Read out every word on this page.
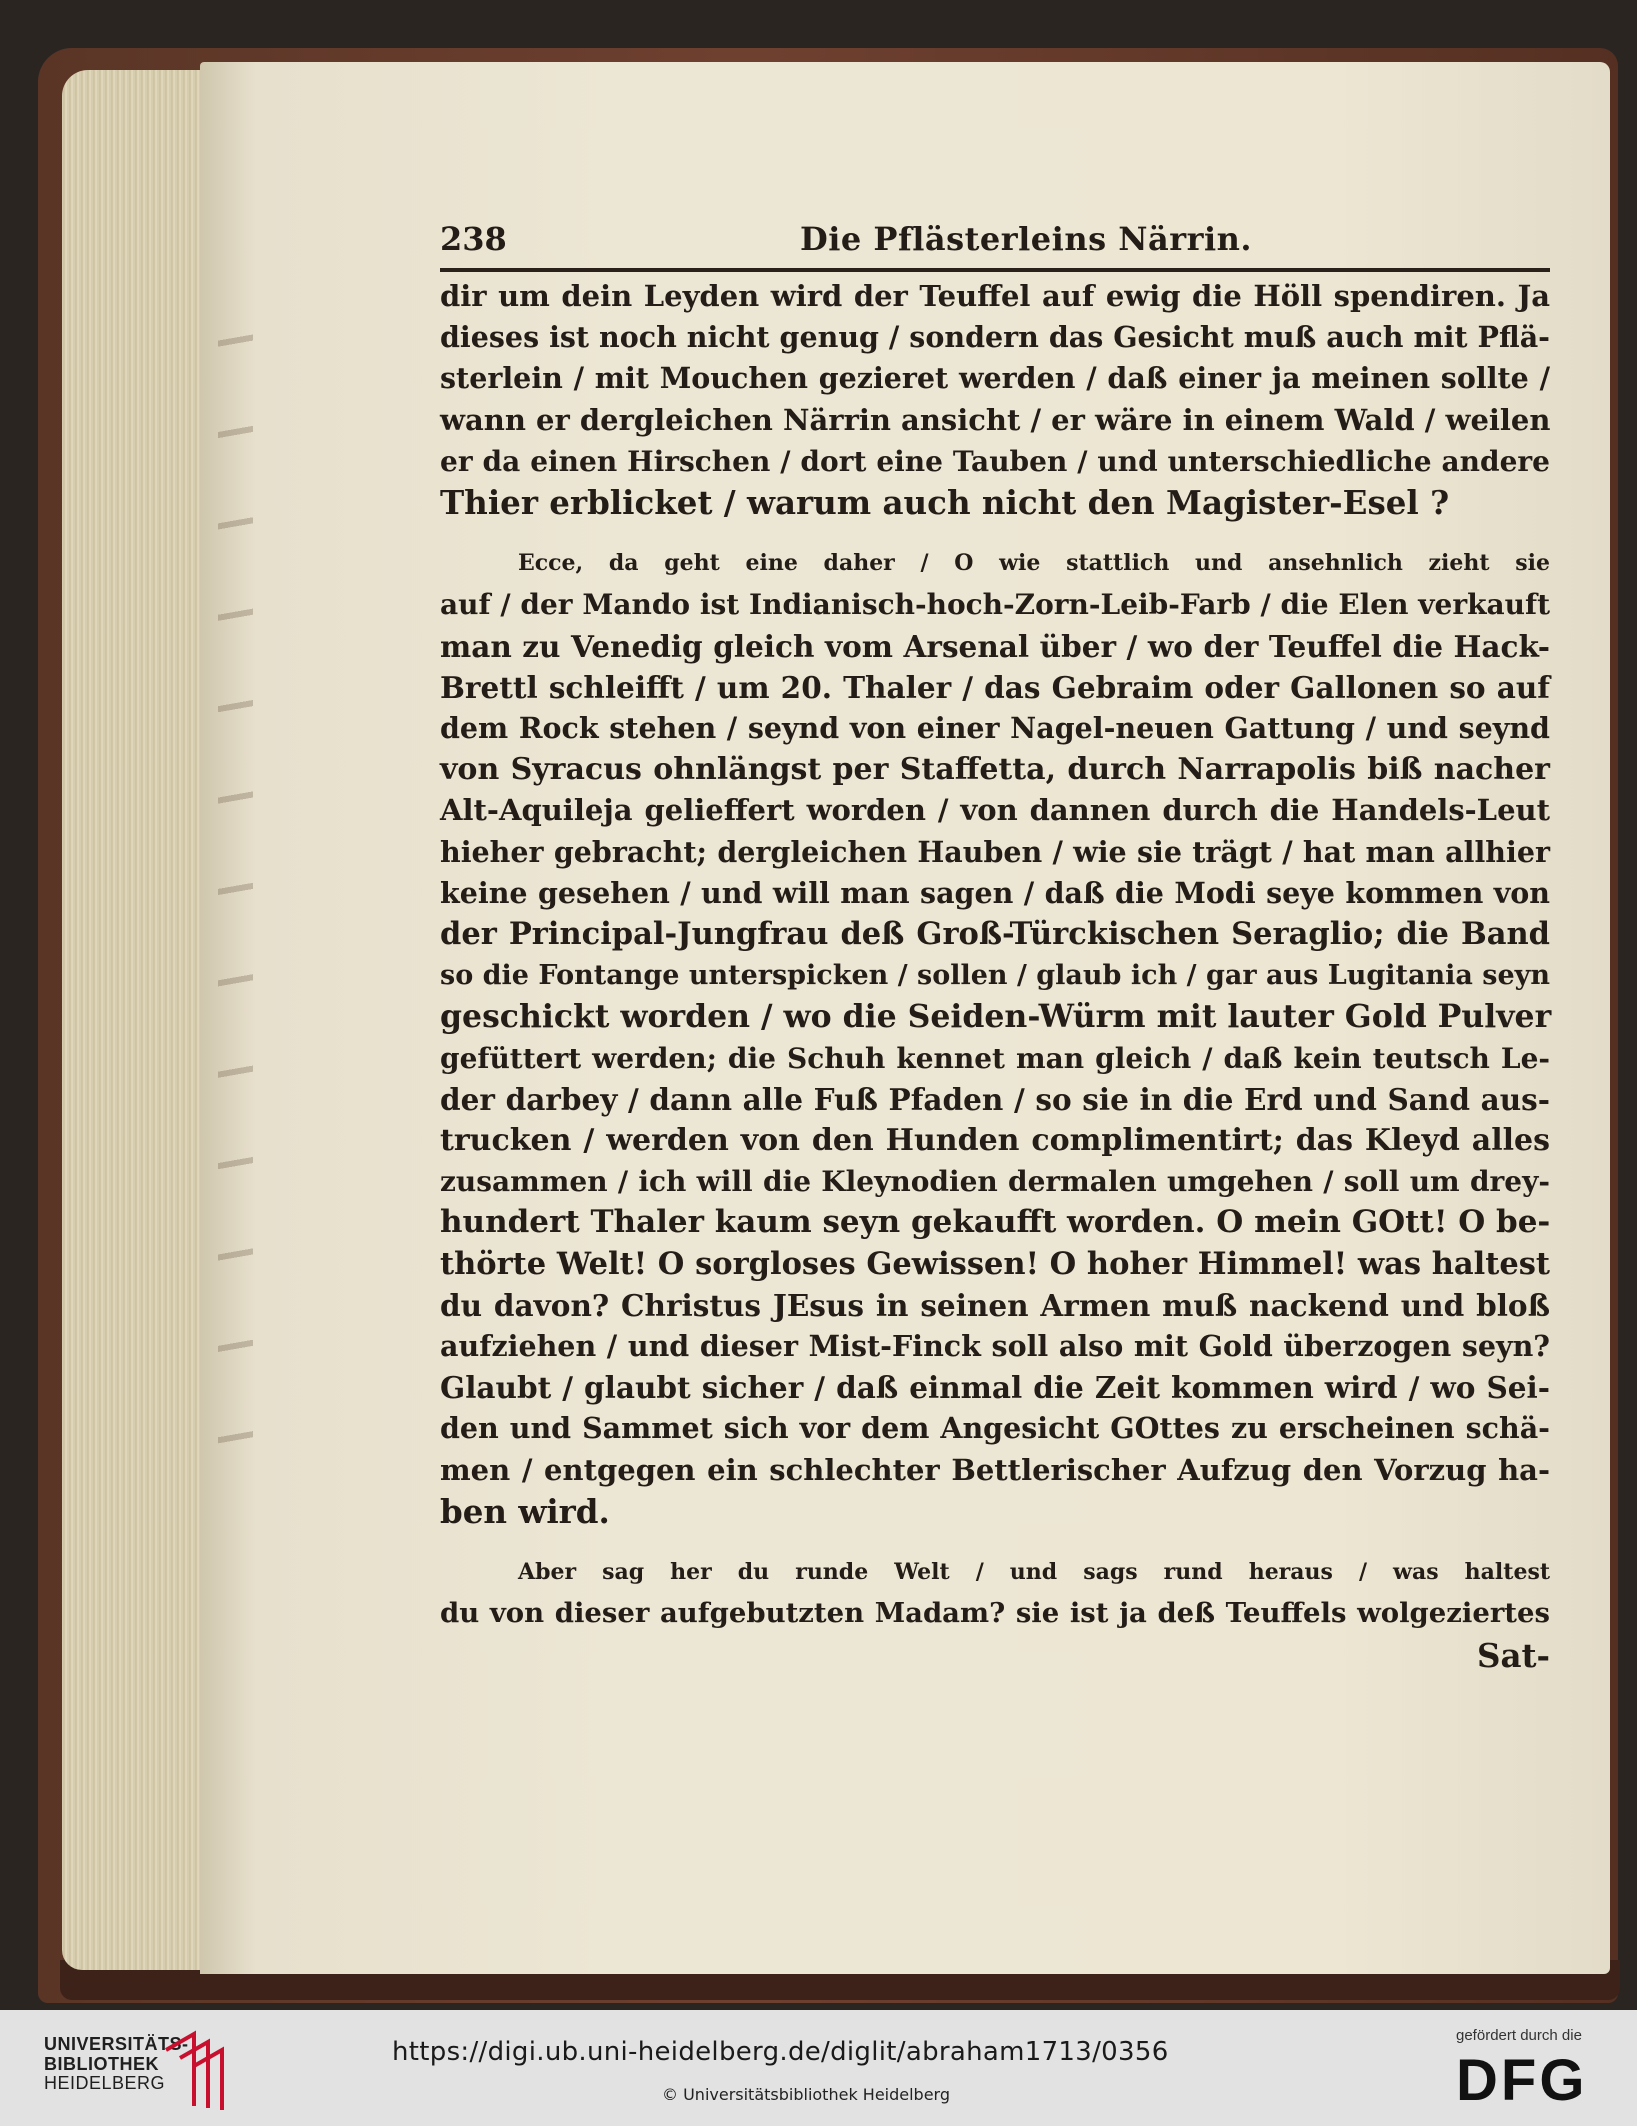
238	Die Pflästerleins Närrin.
dir um dein Leyden wird der Teuffel auf ewig die Höll spendiren. Ja
dieses ist noch nicht genug / sondern das Gesicht muß auch mit Pflä-
sterlein / mit Mouchen gezieret werden / daß einer ja meinen sollte /
wann er dergleichen Närrin ansicht / er wäre in einem Wald / weilen
er da einen Hirschen / dort eine Tauben / und unterschiedliche andere
Thier erblicket / warum auch nicht den Magister-Esel ?
Ecce, da geht eine daher / O wie stattlich und ansehnlich zieht sie
auf / der Mando ist Indianisch-hoch-Zorn-Leib-Farb / die Elen verkauft
man zu Venedig gleich vom Arsenal über / wo der Teuffel die Hack-
Brettl schleifft / um 20. Thaler / das Gebraim oder Gallonen so auf
dem Rock stehen / seynd von einer Nagel-neuen Gattung / und seynd
von Syracus ohnlängst per Staffetta, durch Narrapolis biß nacher
Alt-Aquileja gelieffert worden / von dannen durch die Handels-Leut
hieher gebracht; dergleichen Hauben / wie sie trägt / hat man allhier
keine gesehen / und will man sagen / daß die Modi seye kommen von
der Principal-Jungfrau deß Groß-Türckischen Seraglio; die Band
so die Fontange unterspicken / sollen / glaub ich / gar aus Lugitania seyn
geschickt worden / wo die Seiden-Würm mit lauter Gold Pulver
gefüttert werden; die Schuh kennet man gleich / daß kein teutsch Le-
der darbey / dann alle Fuß Pfaden / so sie in die Erd und Sand aus-
trucken / werden von den Hunden complimentirt; das Kleyd alles
zusammen / ich will die Kleynodien dermalen umgehen / soll um drey-
hundert Thaler kaum seyn gekaufft worden. O mein GOtt! O be-
thörte Welt! O sorgloses Gewissen! O hoher Himmel! was haltest
du davon? Christus JEsus in seinen Armen muß nackend und bloß
aufziehen / und dieser Mist-Finck soll also mit Gold überzogen seyn?
Glaubt / glaubt sicher / daß einmal die Zeit kommen wird / wo Sei-
den und Sammet sich vor dem Angesicht GOttes zu erscheinen schä-
men / entgegen ein schlechter Bettlerischer Aufzug den Vorzug ha-
ben wird.
Aber sag her du runde Welt / und sags rund heraus / was haltest
du von dieser aufgebutzten Madam? sie ist ja deß Teuffels wolgeziertes
Sat-
UNIVERSITÄTS-
BIBLIOTHEK
HEIDELBERG
https://digi.ub.uni-heidelberg.de/diglit/abraham1713/0356
© Universitätsbibliothek Heidelberg
gefördert durch die
DFG
